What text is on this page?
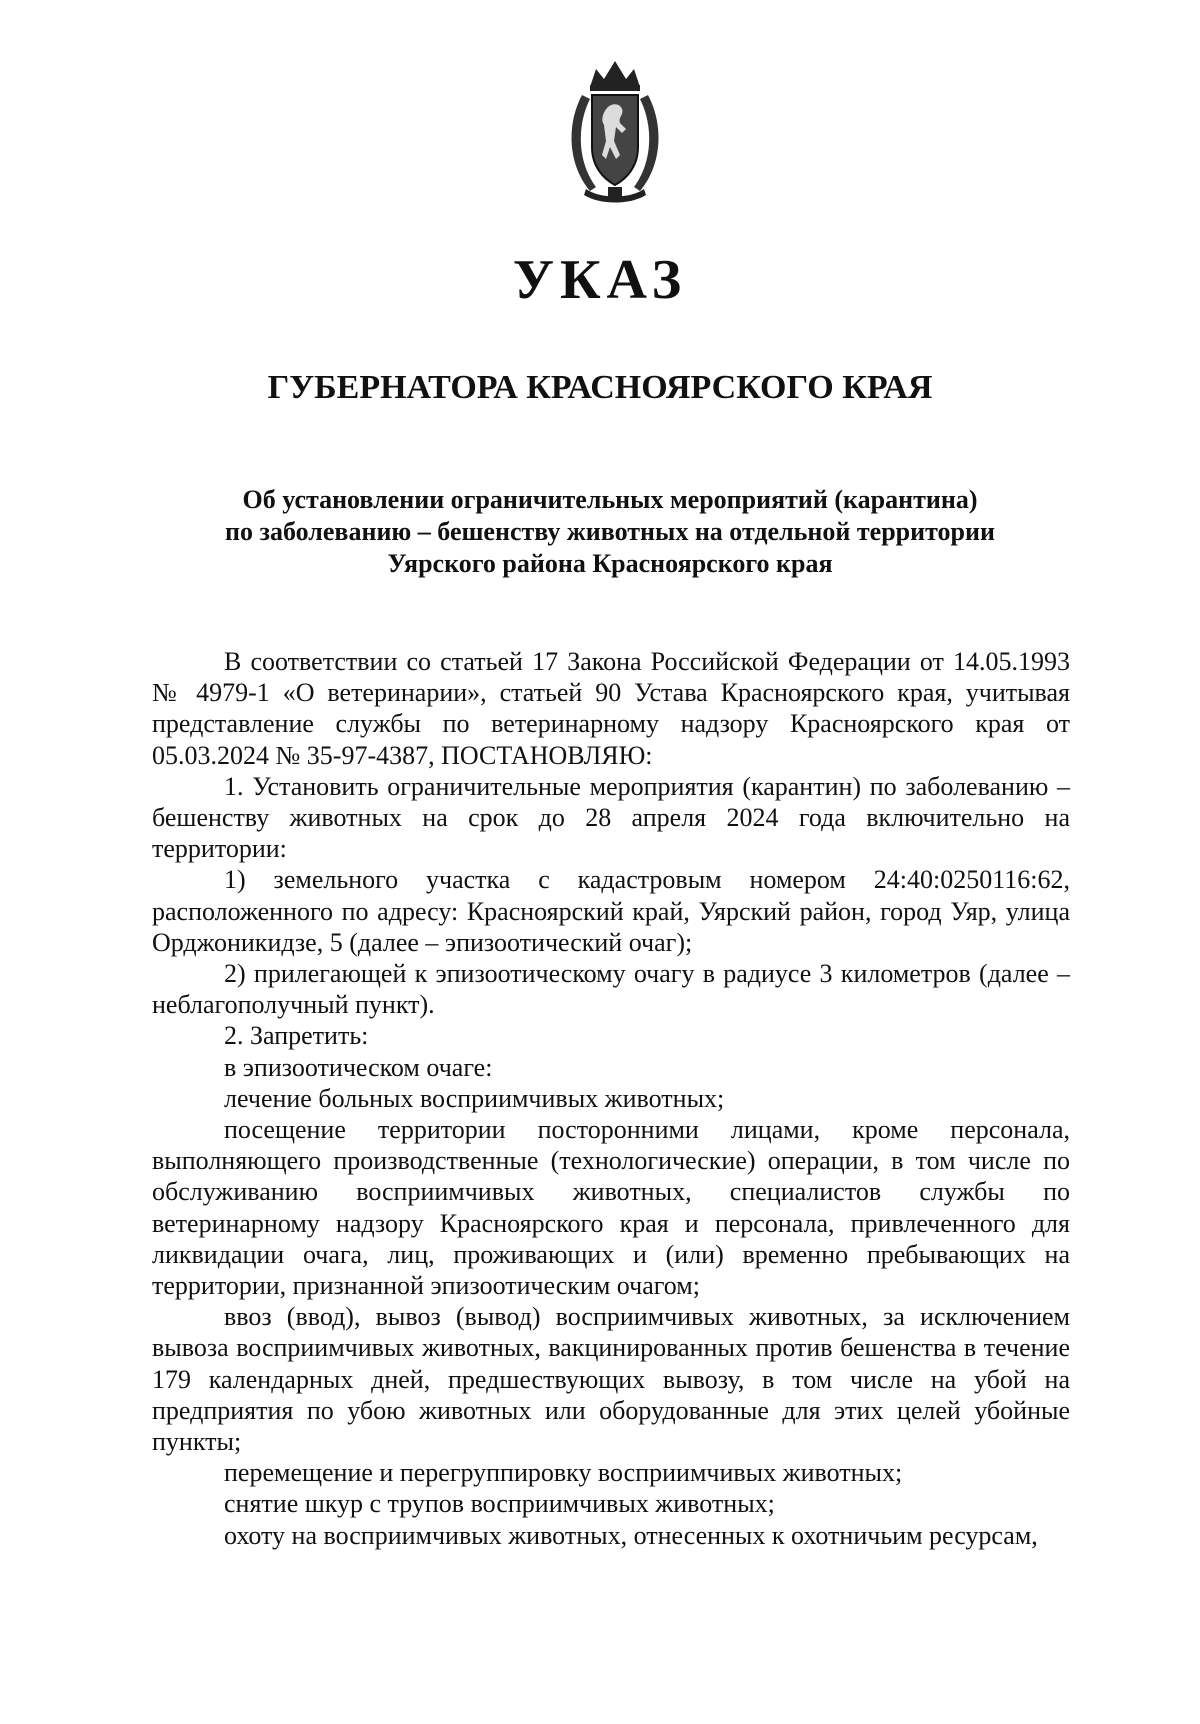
УКАЗ
ГУБЕРНАТОРА КРАСНОЯРСКОГО КРАЯ
Об установлении ограничительных мероприятий (карантина)
по заболеванию – бешенству животных на отдельной территории
Уярского района Красноярского края

В соответствии со статьей 17 Закона Российской Федерации от 14.05.1993 № 4979-1 «О ветеринарии», статьей 90 Устава Красноярского края, учитывая представление службы по ветеринарному надзору Красноярского края от 05.03.2024 № 35-97-4387, ПОСТАНОВЛЯЮ:

1. Установить ограничительные мероприятия (карантин) по заболеванию – бешенству животных на срок до 28 апреля 2024 года включительно на территории:

1) земельного участка с кадастровым номером 24:40:0250116:62, расположенного по адресу: Красноярский край, Уярский район, город Уяр, улица Орджоникидзе, 5 (далее – эпизоотический очаг);

2) прилегающей к эпизоотическому очагу в радиусе 3 километров (далее – неблагополучный пункт).

2. Запретить:

в эпизоотическом очаге:

лечение больных восприимчивых животных;

посещение территории посторонними лицами, кроме персонала, выполняющего производственные (технологические) операции, в том числе по обслуживанию восприимчивых животных, специалистов службы по ветеринарному надзору Красноярского края и персонала, привлеченного для ликвидации очага, лиц, проживающих и (или) временно пребывающих на территории, признанной эпизоотическим очагом;

ввоз (ввод), вывоз (вывод) восприимчивых животных, за исключением вывоза восприимчивых животных, вакцинированных против бешенства в течение 179 календарных дней, предшествующих вывозу, в том числе на убой на предприятия по убою животных или оборудованные для этих целей убойные пункты;

перемещение и перегруппировку восприимчивых животных;

снятие шкур с трупов восприимчивых животных;

охоту на восприимчивых животных, отнесенных к охотничьим ресурсам,
